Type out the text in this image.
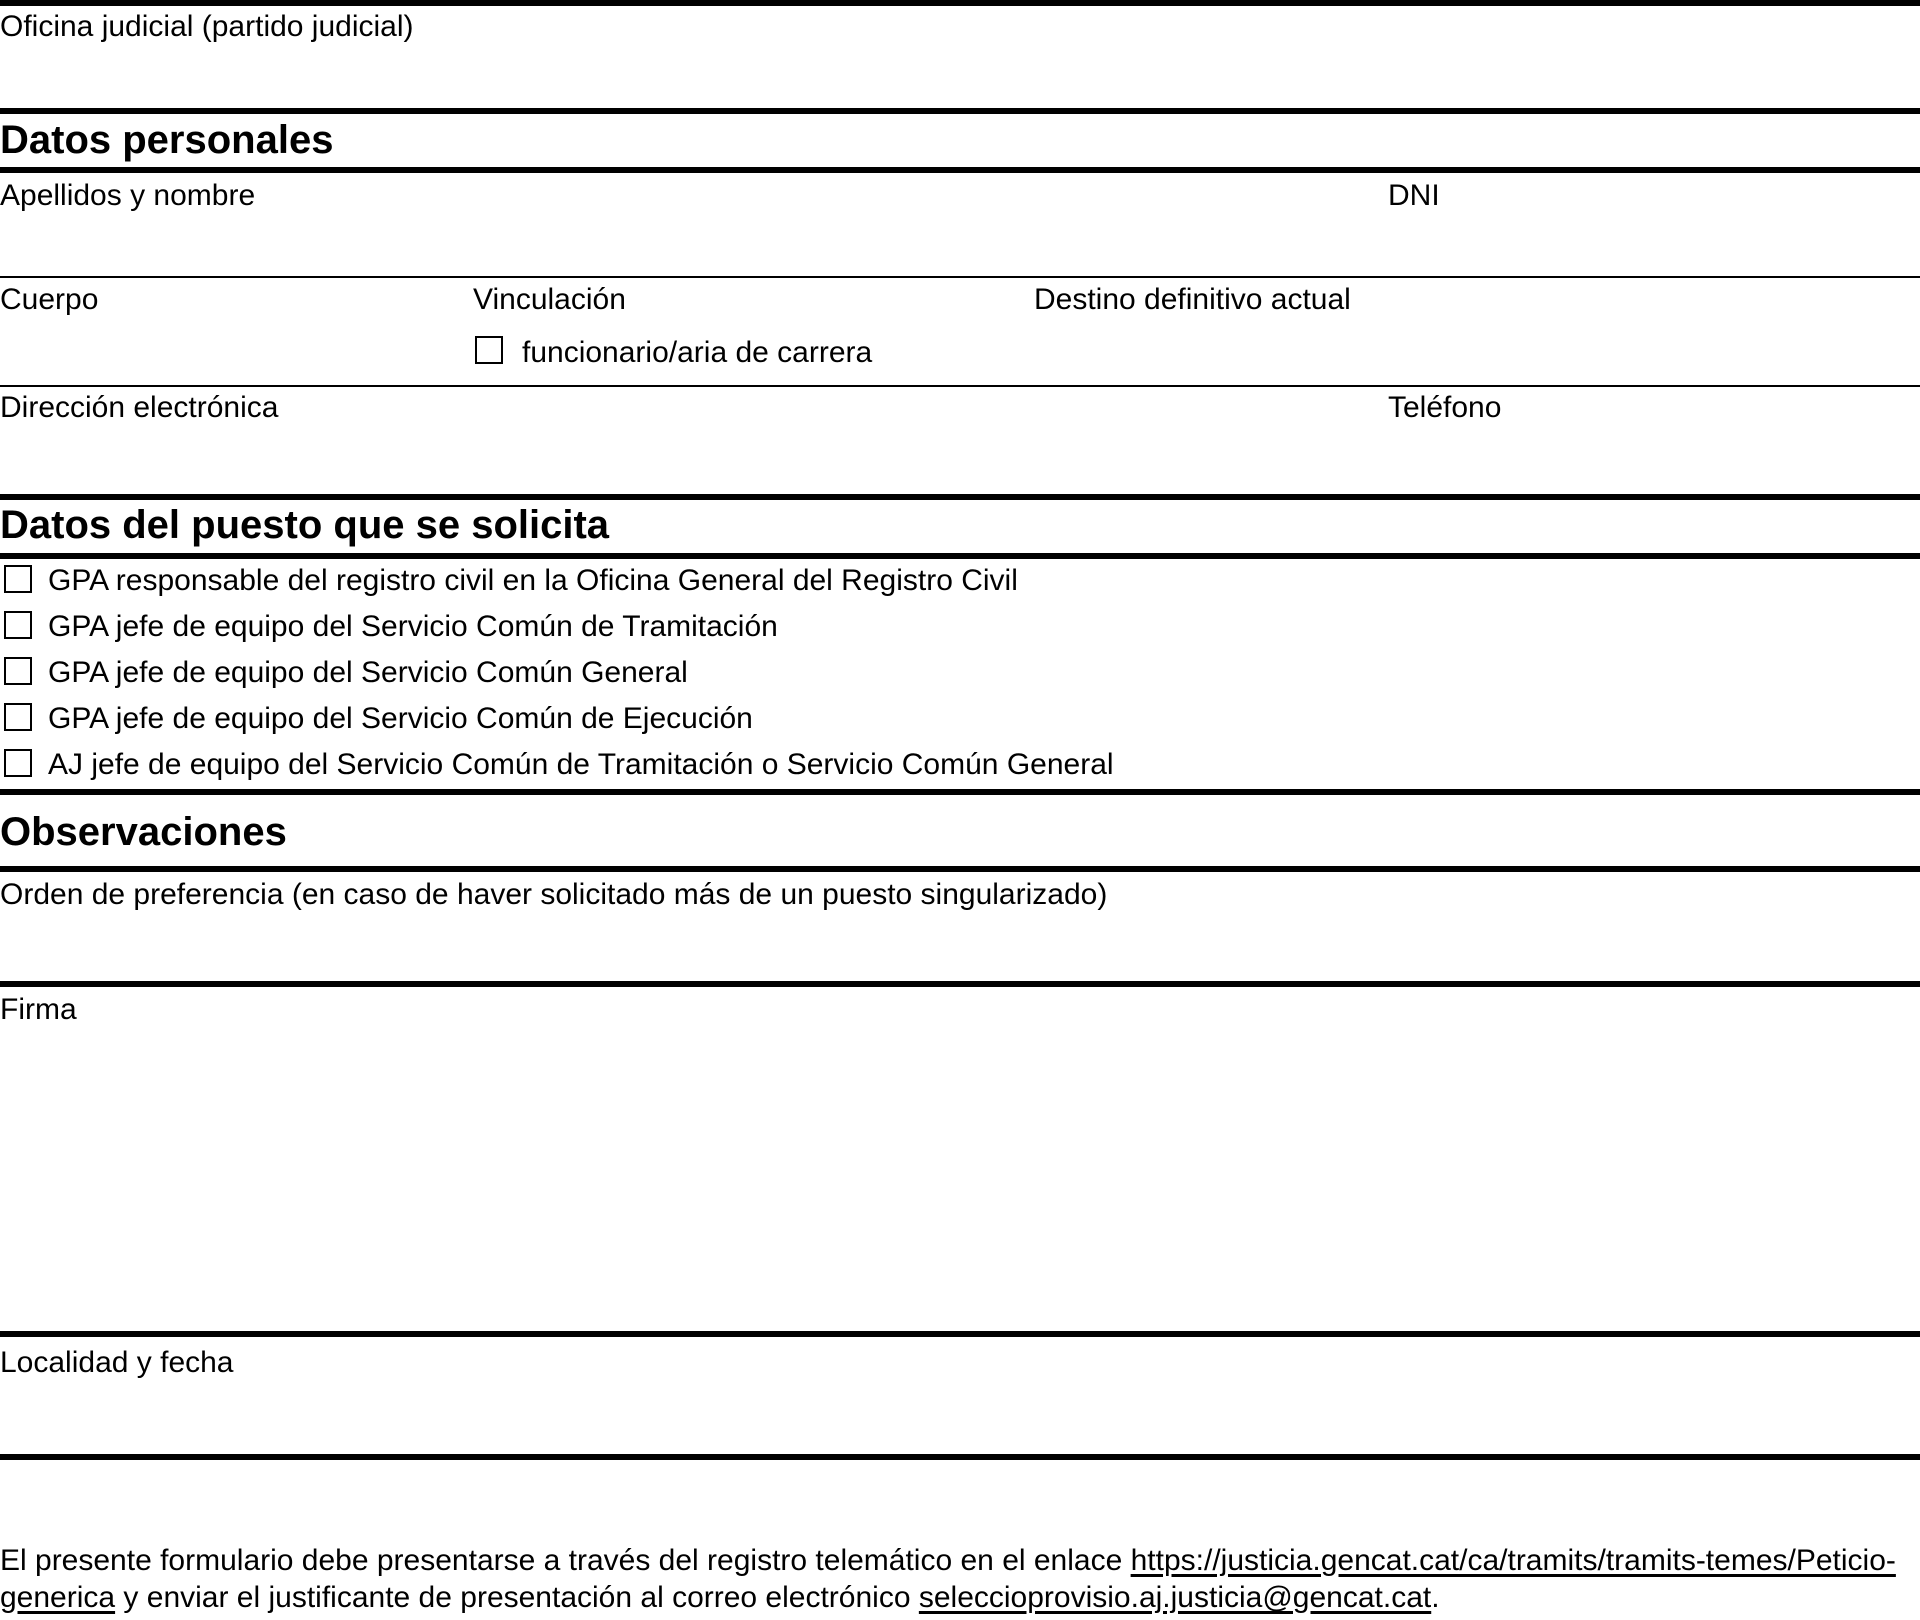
Oficina judicial (partido judicial)
Datos personales
Apellidos y nombre	DNI
Cuerpo	Vinculación	Destino definitivo actual
funcionario/aria de carrera
Dirección electrónica	Teléfono
Datos del puesto que se solicita
GPA responsable del registro civil en la Oficina General del Registro Civil
GPA jefe de equipo del Servicio Común de Tramitación
GPA jefe de equipo del Servicio Común General
GPA jefe de equipo del Servicio Común de Ejecución
AJ jefe de equipo del Servicio Común de Tramitación o Servicio Común General
Observaciones
Orden de preferencia (en caso de haver solicitado más de un puesto singularizado)
Firma
Localidad y fecha
El presente formulario debe presentarse a través del registro telemático en el enlace https://justicia.gencat.cat/ca/tramits/tramits-temes/Peticio-generica y enviar el justificante de presentación al correo electrónico seleccioprovisio.aj.justicia@gencat.cat.
